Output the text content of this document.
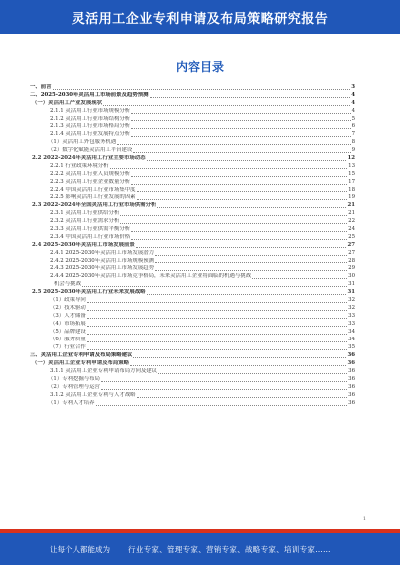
灵活用工企业专利申请及布局策略研究报告
内容目录
一、前言	3
二、2025-2030年灵活用工市场前景及趋势预测	4
（一）灵活用工产业发展现状	4
2.1.1 灵活用工行业市场规模分析	4
2.1.2 灵活用工行业市场结构分析	5
2.1.3 灵活用工行业市场格局分析	6
2.1.4 灵活用工行业发展特点分析	7
（1）灵活用工外包服务机遇	8
（2）数字化赋能灵活用工平台建设	9
2.2 2022-2024年灵活用工行业主要市场动态	12
2.2.1 行业政策环境分析	13
2.2.2 灵活用工行业人员规模分析	15
2.2.3 灵活用工行业企业数量分析	17
2.2.4 中国灵活用工行业市场集中度	18
2.2.5 影响灵活用工行业发展的因素	19
2.3 2022-2024年全国灵活用工行业市场供需分析	21
2.3.1 灵活用工行业供给分析	21
2.3.2 灵活用工行业需求分析	22
2.3.3 灵活用工行业供需平衡分析	24
2.3.4 中国灵活用工行业市场价格	25
2.4 2025-2030年灵活用工市场发展前景	27
2.4.1 2025-2030年灵活用工市场发展潜力	27
2.4.2 2025-2030年灵活用工市场规模预测	28
2.4.3 2025-2030年灵活用工市场发展趋势	29
2.4.4 2025-2030年灵活用工市场竞争格局，未来灵活用工企业将面临的机遇与挑战	30
机会与挑战	31
2.5 2025-2030年灵活用工行业未来发展战略	31
（1）政策导向	32
（2）技术驱动	32
（3）人才储备	33
（4）市场拓展	33
（5）品牌建设	34
（6）服务质量	34
（7）行业合作	35
三、灵活用工企业专利申请及布局策略建议	36
（一）灵活用工企业专利申请及布局策略	36
3.1.1 灵活用工企业专利申请布局方向及建议	36
（1）专利挖掘与布局	36
（2）专利管理与运营	36
3.1.2 灵活用工企业专利与人才战略	36
（1）专利人才培养	36
1
让每个人都能成为 行业专家、管理专家、营销专家、战略专家、培训专家……
